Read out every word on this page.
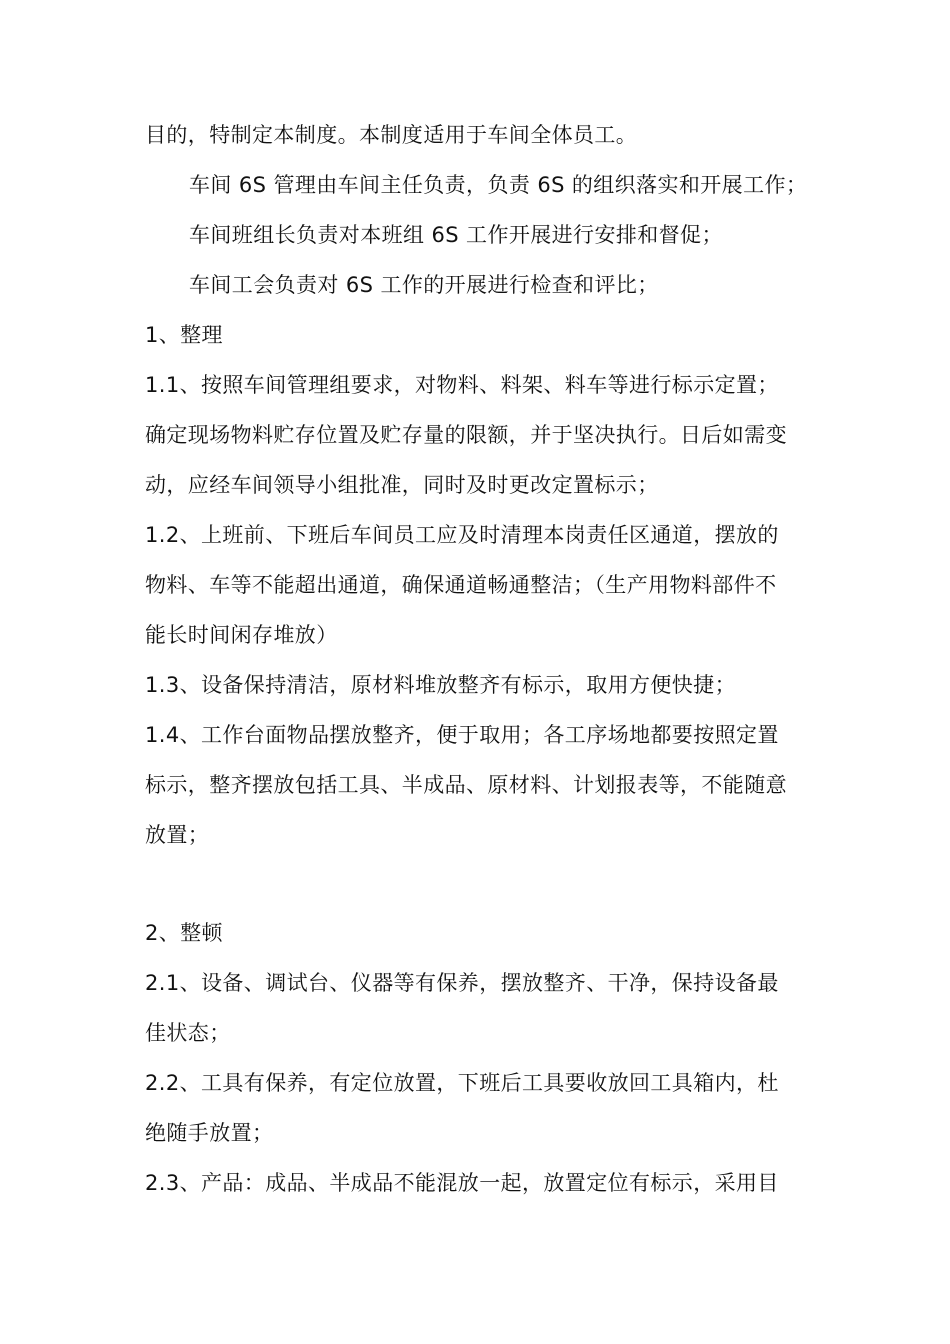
目的，特制定本制度。本制度适用于车间全体员工。
车间 6S 管理由车间主任负责，负责 6S 的组织落实和开展工作；
车间班组长负责对本班组 6S 工作开展进行安排和督促；
车间工会负责对 6S 工作的开展进行检查和评比；
1、整理
1.1、按照车间管理组要求，对物料、料架、料车等进行标示定置；
确定现场物料贮存位置及贮存量的限额，并于坚决执行。日后如需变
动，应经车间领导小组批准，同时及时更改定置标示；
1.2、上班前、下班后车间员工应及时清理本岗责任区通道，摆放的
物料、车等不能超出通道，确保通道畅通整洁；（生产用物料部件不
能长时间闲存堆放）
1.3、设备保持清洁，原材料堆放整齐有标示，取用方便快捷；
1.4、工作台面物品摆放整齐，便于取用；各工序场地都要按照定置
标示，整齐摆放包括工具、半成品、原材料、计划报表等，不能随意
放置；
2、整顿
2.1、设备、调试台、仪器等有保养，摆放整齐、干净，保持设备最
佳状态；
2.2、工具有保养，有定位放置，下班后工具要收放回工具箱内，杜
绝随手放置；
2.3、产品：成品、半成品不能混放一起，放置定位有标示，采用目
